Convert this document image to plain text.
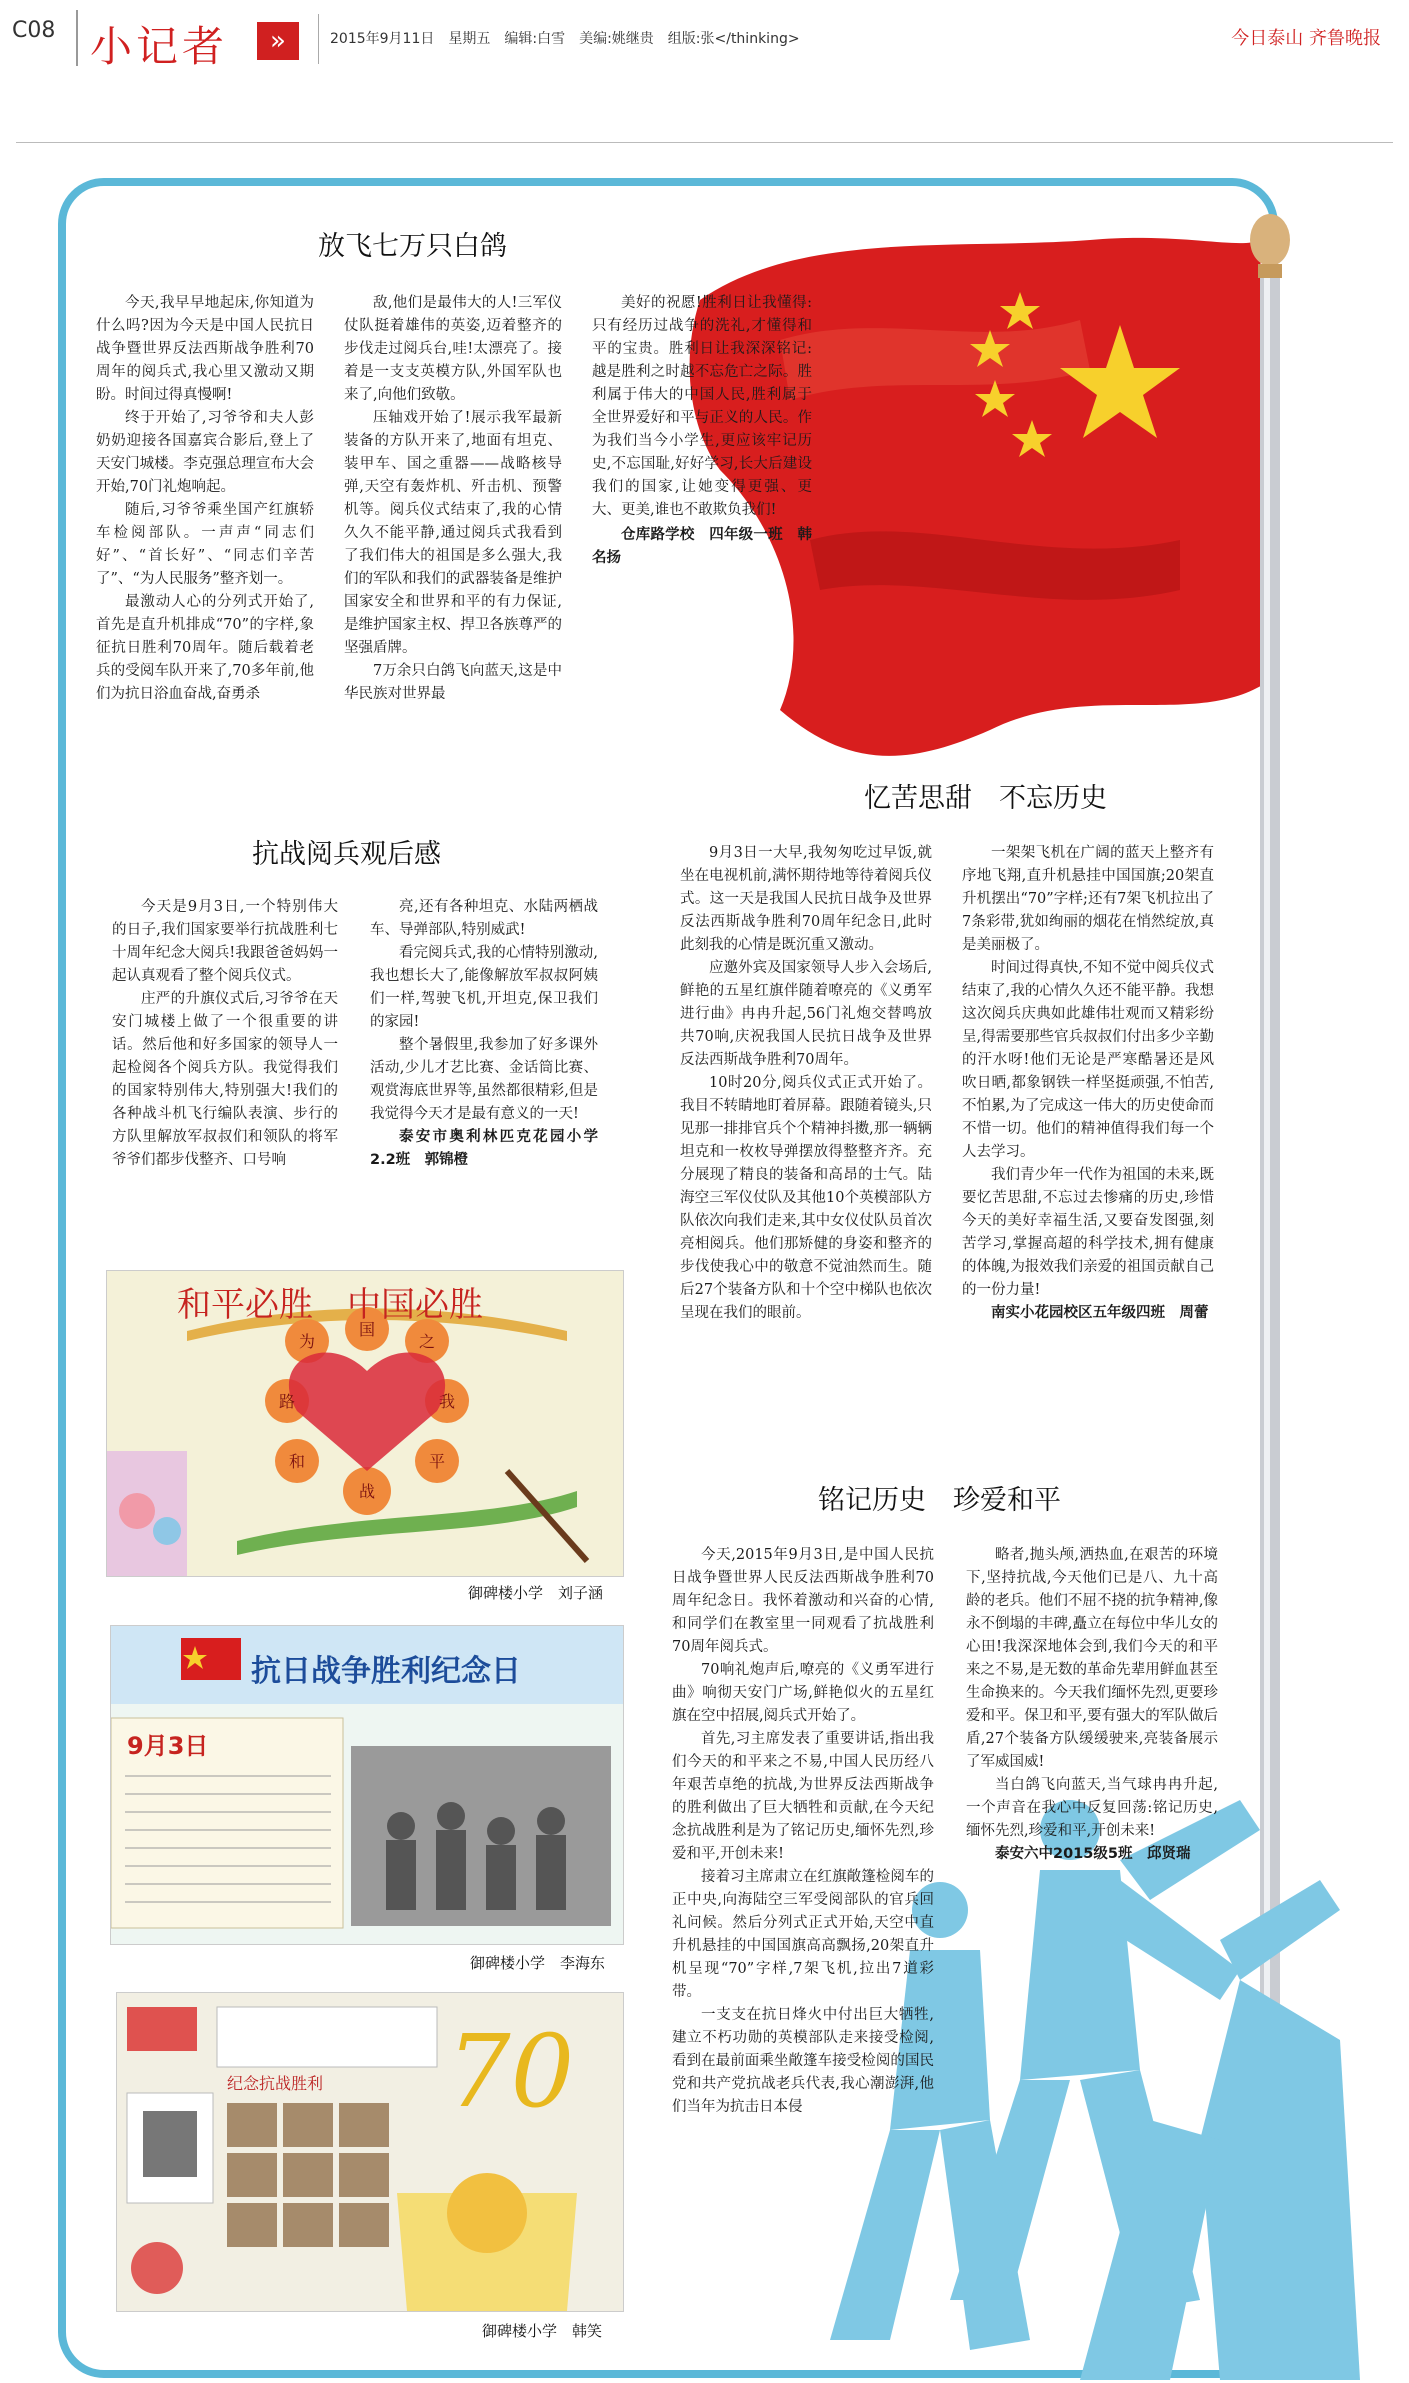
C08 小记者	»	2015年9月11日　星期五　编辑:白雪　美编:姚继贵　组版:张</thinking>	今日泰山 齐鲁晚报
放飞七万只白鸽

今天,我早早地起床,你知道为什么吗?因为今天是中国人民抗日战争暨世界反法西斯战争胜利70周年的阅兵式,我心里又激动又期盼。时间过得真慢啊!

终于开始了,习爷爷和夫人彭奶奶迎接各国嘉宾合影后,登上了天安门城楼。李克强总理宣布大会开始,70门礼炮响起。

随后,习爷爷乘坐国产红旗轿车检阅部队。一声声“同志们好”、“首长好”、“同志们辛苦了”、“为人民服务”整齐划一。

最激动人心的分列式开始了,首先是直升机排成“70”的字样,象征抗日胜利70周年。随后载着老兵的受阅车队开来了,70多年前,他们为抗日浴血奋战,奋勇杀

敌,他们是最伟大的人!三军仪仗队挺着雄伟的英姿,迈着整齐的步伐走过阅兵台,哇!太漂亮了。接着是一支支英模方队,外国军队也来了,向他们致敬。

压轴戏开始了!展示我军最新装备的方队开来了,地面有坦克、装甲车、国之重器——战略核导弹,天空有轰炸机、歼击机、预警机等。阅兵仪式结束了,我的心情久久不能平静,通过阅兵式我看到了我们伟大的祖国是多么强大,我们的军队和我们的武器装备是维护国家安全和世界和平的有力保证,是维护国家主权、捍卫各族尊严的坚强盾牌。

7万余只白鸽飞向蓝天,这是中华民族对世界最

美好的祝愿!胜利日让我懂得:只有经历过战争的洗礼,才懂得和平的宝贵。胜利日让我深深铭记:越是胜利之时越不忘危亡之际。胜利属于伟大的中国人民,胜利属于全世界爱好和平与正义的人民。作为我们当今小学生,更应该牢记历史,不忘国耻,好好学习,长大后建设我们的国家,让她变得更强、更大、更美,谁也不敢欺负我们!

仓库路学校　四年级一班　韩名扬
抗战阅兵观后感

今天是9月3日,一个特别伟大的日子,我们国家要举行抗战胜利七十周年纪念大阅兵!我跟爸爸妈妈一起认真观看了整个阅兵仪式。

庄严的升旗仪式后,习爷爷在天安门城楼上做了一个很重要的讲话。然后他和好多国家的领导人一起检阅各个阅兵方队。我觉得我们的国家特别伟大,特别强大!我们的各种战斗机飞行编队表演、步行的方队里解放军叔叔们和领队的将军爷爷们都步伐整齐、口号响

亮,还有各种坦克、水陆两栖战车、导弹部队,特别威武!

看完阅兵式,我的心情特别激动,我也想长大了,能像解放军叔叔阿姨们一样,驾驶飞机,开坦克,保卫我们的家园!

整个暑假里,我参加了好多课外活动,少儿才艺比赛、金话筒比赛、观赏海底世界等,虽然都很精彩,但是我觉得今天才是最有意义的一天!

泰安市奥利林匹克花园小学2.2班　郭锦橙
忆苦思甜　不忘历史

9月3日一大早,我匆匆吃过早饭,就坐在电视机前,满怀期待地等待着阅兵仪式。这一天是我国人民抗日战争及世界反法西斯战争胜利70周年纪念日,此时此刻我的心情是既沉重又激动。

应邀外宾及国家领导人步入会场后,鲜艳的五星红旗伴随着嘹亮的《义勇军进行曲》冉冉升起,56门礼炮交替鸣放共70响,庆祝我国人民抗日战争及世界反法西斯战争胜利70周年。

10时20分,阅兵仪式正式开始了。我目不转睛地盯着屏幕。跟随着镜头,只见那一排排官兵个个精神抖擞,那一辆辆坦克和一枚枚导弹摆放得整整齐齐。充分展现了精良的装备和高昂的士气。陆海空三军仪仗队及其他10个英模部队方队依次向我们走来,其中女仪仗队员首次亮相阅兵。他们那矫健的身姿和整齐的步伐使我心中的敬意不觉油然而生。随后27个装备方队和十个空中梯队也依次呈现在我们的眼前。

一架架飞机在广阔的蓝天上整齐有序地飞翔,直升机悬挂中国国旗;20架直升机摆出“70”字样;还有7架飞机拉出了7条彩带,犹如绚丽的烟花在悄然绽放,真是美丽极了。

时间过得真快,不知不觉中阅兵仪式结束了,我的心情久久还不能平静。我想这次阅兵庆典如此雄伟壮观而又精彩纷呈,得需要那些官兵叔叔们付出多少辛勤的汗水呀!他们无论是严寒酷暑还是风吹日晒,都象钢铁一样坚挺顽强,不怕苦,不怕累,为了完成这一伟大的历史使命而不惜一切。他们的精神值得我们每一个人去学习。

我们青少年一代作为祖国的未来,既要忆苦思甜,不忘过去惨痛的历史,珍惜今天的美好幸福生活,又要奋发图强,刻苦学习,掌握高超的科学技术,拥有健康的体魄,为报效我们亲爱的祖国贡献自己的一份力量!

南实小花园校区五年级四班　周蕾
铭记历史　珍爱和平

今天,2015年9月3日,是中国人民抗日战争暨世界人民反法西斯战争胜利70周年纪念日。我怀着激动和兴奋的心情,和同学们在教室里一同观看了抗战胜利70周年阅兵式。

70响礼炮声后,嘹亮的《义勇军进行曲》响彻天安门广场,鲜艳似火的五星红旗在空中招展,阅兵式开始了。

首先,习主席发表了重要讲话,指出我们今天的和平来之不易,中国人民历经八年艰苦卓绝的抗战,为世界反法西斯战争的胜利做出了巨大牺牲和贡献,在今天纪念抗战胜利是为了铭记历史,缅怀先烈,珍爱和平,开创未来!

接着习主席肃立在红旗敞篷检阅车的正中央,向海陆空三军受阅部队的官兵回礼问候。然后分列式正式开始,天空中直升机悬挂的中国国旗高高飘扬,20架直升机呈现“70”字样,7架飞机,拉出7道彩带。

一支支在抗日烽火中付出巨大牺牲,建立不朽功勋的英模部队走来接受检阅,看到在最前面乘坐敞篷车接受检阅的国民党和共产党抗战老兵代表,我心潮澎湃,他们当年为抗击日本侵

略者,抛头颅,洒热血,在艰苦的环境下,坚持抗战,今天他们已是八、九十高龄的老兵。他们不屈不挠的抗争精神,像永不倒塌的丰碑,矗立在每位中华儿女的心田!我深深地体会到,我们今天的和平来之不易,是无数的革命先辈用鲜血甚至生命换来的。今天我们缅怀先烈,更要珍爱和平。保卫和平,要有强大的军队做后盾,27个装备方队缓缓驶来,亮装备展示了军威国威!

当白鸽飞向蓝天,当气球冉冉升起,一个声音在我心中反复回荡:铭记历史,缅怀先烈,珍爱和平,开创未来!

泰安六中2015级5班　邱贤瑞
和平必胜　中国必胜
为
国
之
路	我
和	平
战
御碑楼小学　刘子涵
抗日战争胜利纪念日
9月3日
御碑楼小学　李海东
70
纪念抗战胜利
御碑楼小学　韩笑
